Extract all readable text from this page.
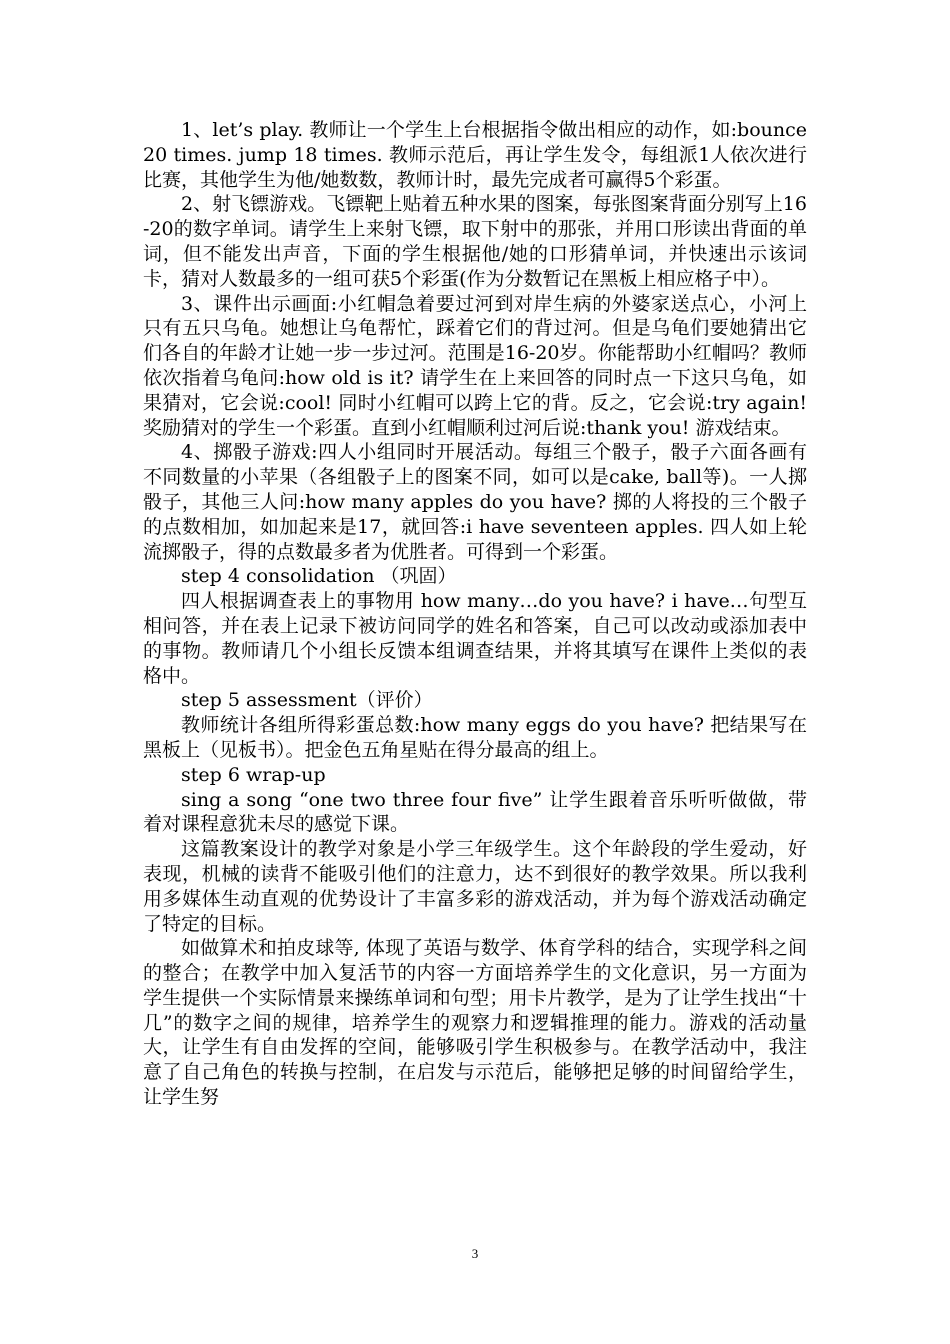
1、let’s play. 教师让一个学生上台根据指令做出相应的动作，如:bounce 20 times. jump 18 times. 教师示范后，再让学生发令，每组派1人依次进行比赛，其他学生为他/她数数，教师计时，最先完成者可赢得5个彩蛋。

2、射飞镖游戏。飞镖靶上贴着五种水果的图案，每张图案背面分别写上16-20的数字单词。请学生上来射飞镖，取下射中的那张，并用口形读出背面的单词，但不能发出声音，下面的学生根据他/她的口形猜单词，并快速出示该词卡，猜对人数最多的一组可获5个彩蛋(作为分数暂记在黑板上相应格子中）。

3、课件出示画面:小红帽急着要过河到对岸生病的外婆家送点心，小河上只有五只乌龟。她想让乌龟帮忙，踩着它们的背过河。但是乌龟们要她猜出它们各自的年龄才让她一步一步过河。范围是16-20岁。你能帮助小红帽吗？教师依次指着乌龟问:how old is it? 请学生在上来回答的同时点一下这只乌龟，如果猜对，它会说:cool! 同时小红帽可以跨上它的背。反之，它会说:try again! 奖励猜对的学生一个彩蛋。直到小红帽顺利过河后说:thank you! 游戏结束。

4、掷骰子游戏:四人小组同时开展活动。每组三个骰子，骰子六面各画有不同数量的小苹果（各组骰子上的图案不同，如可以是cake, ball等)。一人掷骰子，其他三人问:how many apples do you have? 掷的人将投的三个骰子的点数相加，如加起来是17，就回答:i have seventeen apples. 四人如上轮流掷骰子，得的点数最多者为优胜者。可得到一个彩蛋。

step 4 consolidation （巩固）

四人根据调查表上的事物用 how many…do you have? i have…句型互相问答，并在表上记录下被访问同学的姓名和答案，自己可以改动或添加表中的事物。教师请几个小组长反馈本组调查结果，并将其填写在课件上类似的表格中。

step 5 assessment（评价）

教师统计各组所得彩蛋总数:how many eggs do you have? 把结果写在黑板上（见板书）。把金色五角星贴在得分最高的组上。

step 6 wrap-up

sing a song “one two three four five” 让学生跟着音乐听听做做，带着对课程意犹未尽的感觉下课。

这篇教案设计的教学对象是小学三年级学生。这个年龄段的学生爱动，好表现，机械的读背不能吸引他们的注意力，达不到很好的教学效果。所以我利用多媒体生动直观的优势设计了丰富多彩的游戏活动，并为每个游戏活动确定了特定的目标。

如做算术和拍皮球等, 体现了英语与数学、体育学科的结合，实现学科之间的整合；在教学中加入复活节的内容一方面培养学生的文化意识，另一方面为学生提供一个实际情景来操练单词和句型；用卡片教学，是为了让学生找出“十几”的数字之间的规律，培养学生的观察力和逻辑推理的能力。游戏的活动量大，让学生有自由发挥的空间，能够吸引学生积极参与。在教学活动中，我注意了自己角色的转换与控制，在启发与示范后，能够把足够的时间留给学生，让学生努

3
